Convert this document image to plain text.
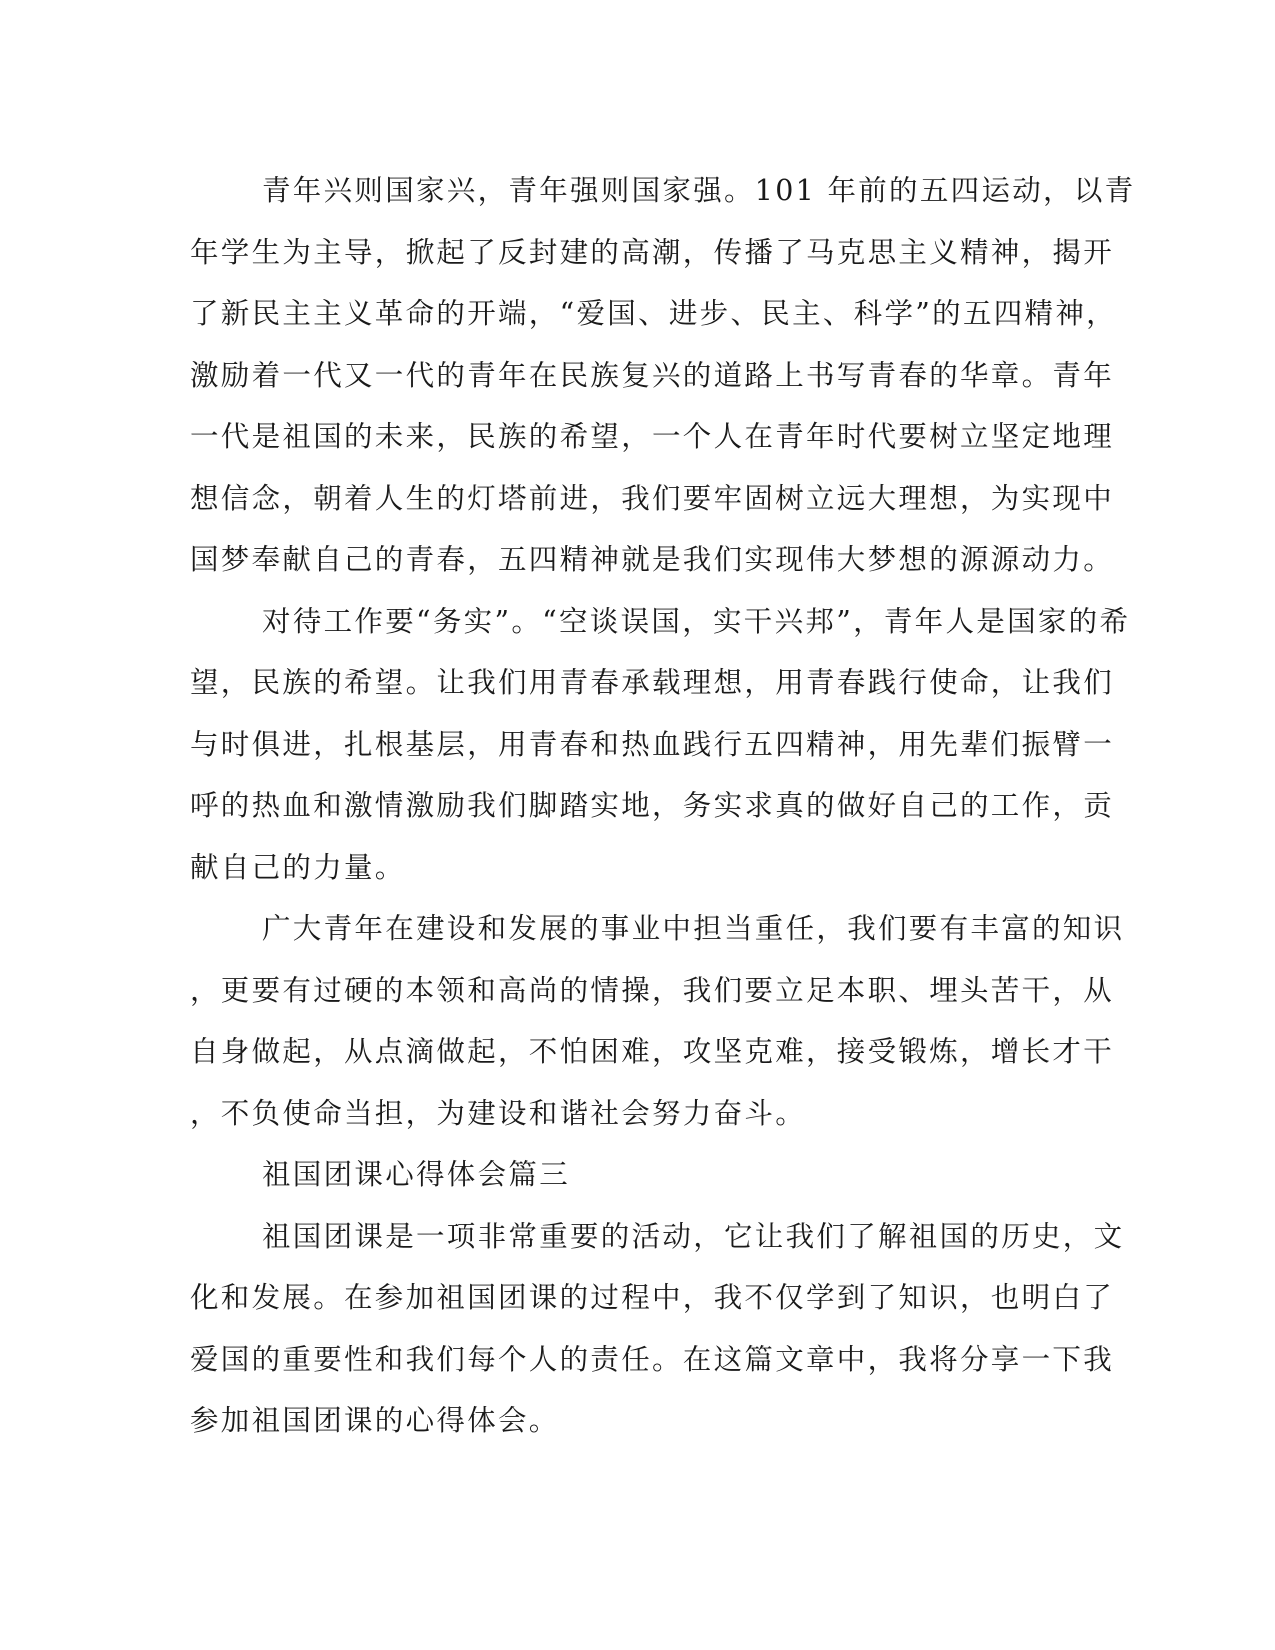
青年兴则国家兴，青年强则国家强。101 年前的五四运动，以青
年学生为主导，掀起了反封建的高潮，传播了马克思主义精神，揭开
了新民主主义革命的开端，“爱国、进步、民主、科学”的五四精神，
激励着一代又一代的青年在民族复兴的道路上书写青春的华章。青年
一代是祖国的未来，民族的希望，一个人在青年时代要树立坚定地理
想信念，朝着人生的灯塔前进，我们要牢固树立远大理想，为实现中
国梦奉献自己的青春，五四精神就是我们实现伟大梦想的源源动力。
对待工作要“务实”。“空谈误国，实干兴邦”，青年人是国家的希
望，民族的希望。让我们用青春承载理想，用青春践行使命，让我们
与时俱进，扎根基层，用青春和热血践行五四精神，用先辈们振臂一
呼的热血和激情激励我们脚踏实地，务实求真的做好自己的工作，贡
献自己的力量。
广大青年在建设和发展的事业中担当重任，我们要有丰富的知识
，更要有过硬的本领和高尚的情操，我们要立足本职、埋头苦干，从
自身做起，从点滴做起，不怕困难，攻坚克难，接受锻炼，增长才干
，不负使命当担，为建设和谐社会努力奋斗。
祖国团课心得体会篇三
祖国团课是一项非常重要的活动，它让我们了解祖国的历史，文
化和发展。在参加祖国团课的过程中，我不仅学到了知识，也明白了
爱国的重要性和我们每个人的责任。在这篇文章中，我将分享一下我
参加祖国团课的心得体会。
